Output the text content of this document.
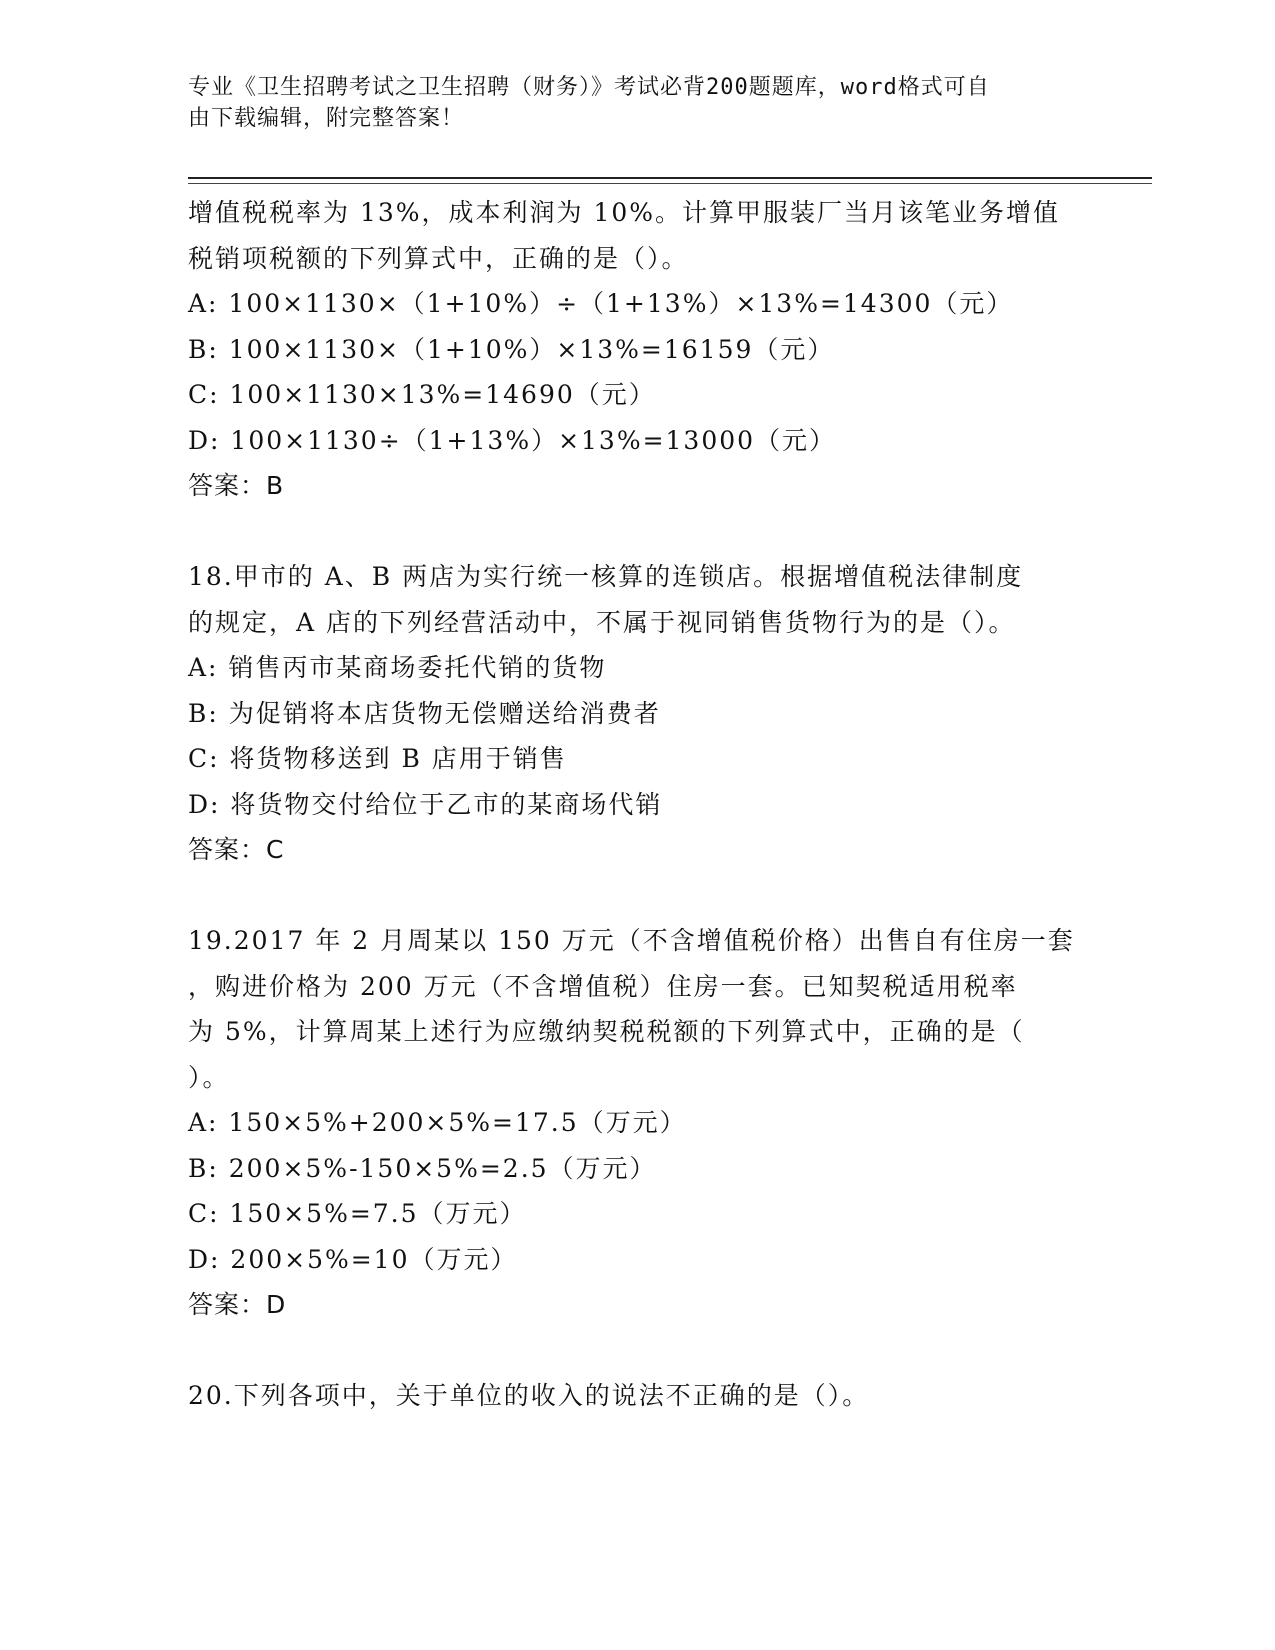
专业《卫生招聘考试之卫生招聘（财务）》考试必背200题题库，word格式可自
由下载编辑，附完整答案！
增值税税率为 13%，成本利润为 10%。计算甲服装厂当月该笔业务增值
税销项税额的下列算式中，正确的是（）。
A: 100×1130×（1+10%）÷（1+13%）×13%=14300（元）
B: 100×1130×（1+10%）×13%=16159（元）
C: 100×1130×13%=14690（元）
D: 100×1130÷（1+13%）×13%=13000（元）
答案：B
18.甲市的 A、B 两店为实行统一核算的连锁店。根据增值税法律制度
的规定，A 店的下列经营活动中，不属于视同销售货物行为的是（）。
A: 销售丙市某商场委托代销的货物
B: 为促销将本店货物无偿赠送给消费者
C: 将货物移送到 B 店用于销售
D: 将货物交付给位于乙市的某商场代销
答案：C
19.2017 年 2 月周某以 150 万元（不含增值税价格）出售自有住房一套
，购进价格为 200 万元（不含增值税）住房一套。已知契税适用税率
为 5%，计算周某上述行为应缴纳契税税额的下列算式中，正确的是（
）。
A: 150×5%+200×5%=17.5（万元）
B: 200×5%-150×5%=2.5（万元）
C: 150×5%=7.5（万元）
D: 200×5%=10（万元）
答案：D
20.下列各项中，关于单位的收入的说法不正确的是（）。
